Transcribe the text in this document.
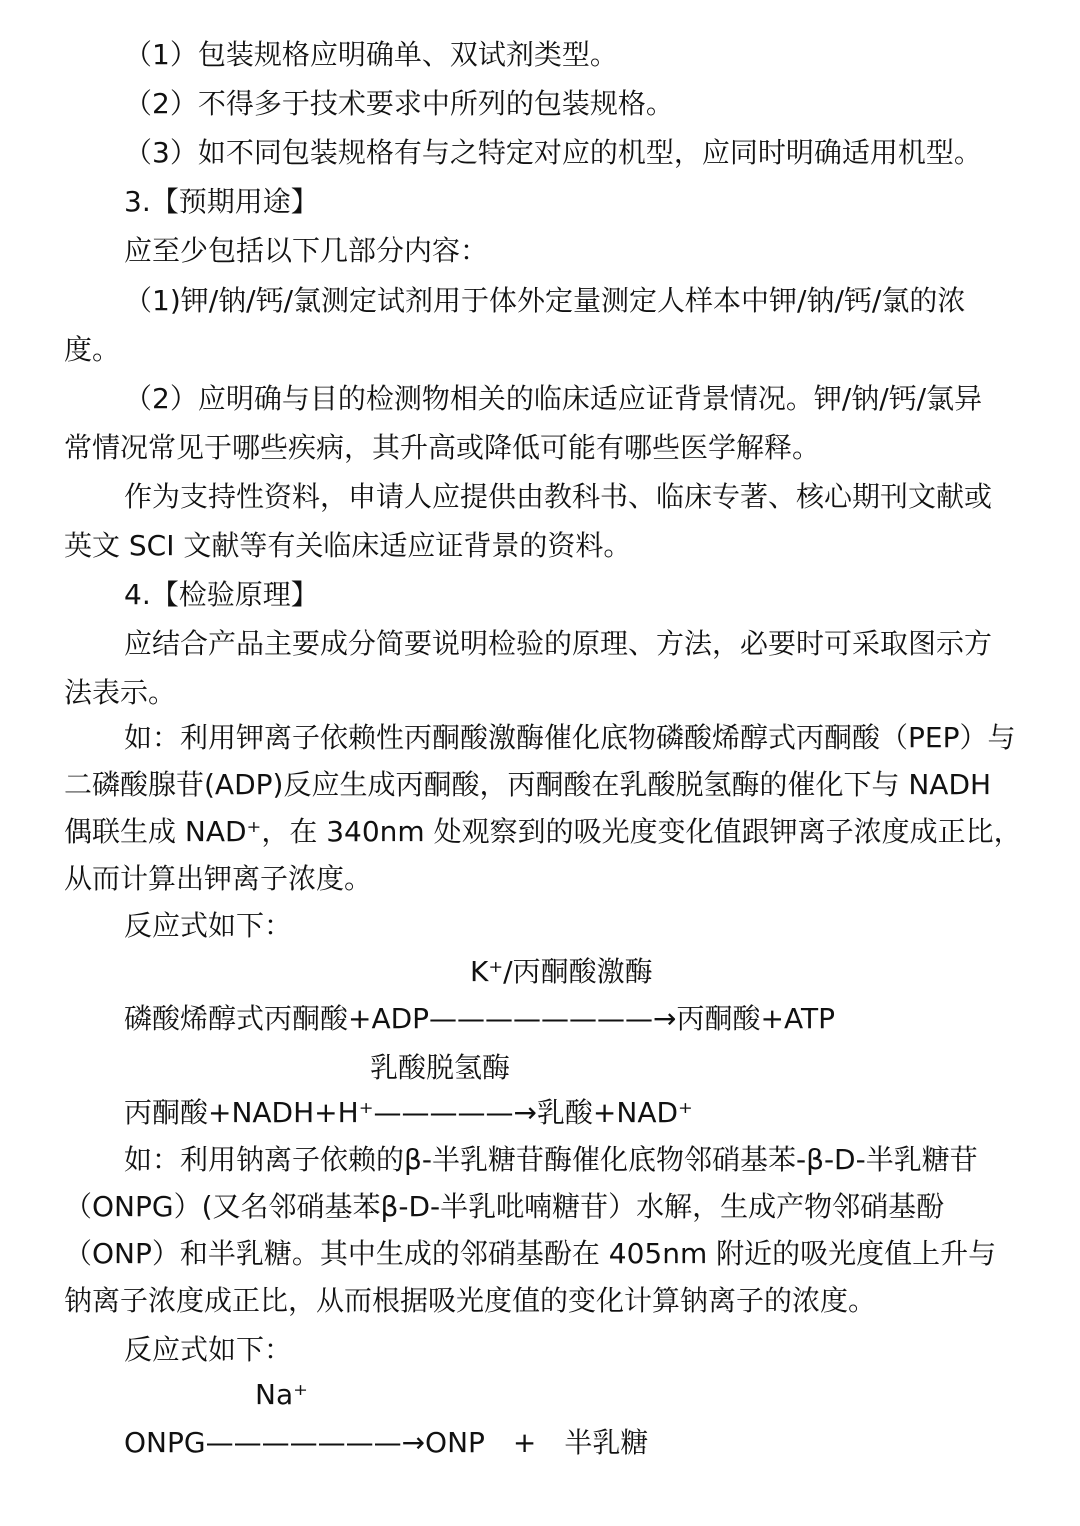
（1）包装规格应明确单、双试剂类型。
（2）不得多于技术要求中所列的包装规格。
（3）如不同包装规格有与之特定对应的机型，应同时明确适用机型。
3.【预期用途】
应至少包括以下几部分内容：
（1)钾/钠/钙/氯测定试剂用于体外定量测定人样本中钾/钠/钙/氯的浓
度。
（2）应明确与目的检测物相关的临床适应证背景情况。钾/钠/钙/氯异
常情况常见于哪些疾病，其升高或降低可能有哪些医学解释。
作为支持性资料，申请人应提供由教科书、临床专著、核心期刊文献或
英文 SCI 文献等有关临床适应证背景的资料。
4.【检验原理】
应结合产品主要成分简要说明检验的原理、方法，必要时可采取图示方
法表示。
如：利用钾离子依赖性丙酮酸激酶催化底物磷酸烯醇式丙酮酸（PEP）与
二磷酸腺苷(ADP)反应生成丙酮酸，丙酮酸在乳酸脱氢酶的催化下与 NADH
偶联生成 NAD⁺，在 340nm 处观察到的吸光度变化值跟钾离子浓度成正比，
从而计算出钾离子浓度。
反应式如下：
K⁺/丙酮酸激酶
磷酸烯醇式丙酮酸+ADP————————→丙酮酸+ATP
乳酸脱氢酶
丙酮酸+NADH+H⁺—————→乳酸+NAD⁺
如：利用钠离子依赖的β-半乳糖苷酶催化底物邻硝基苯-β-D-半乳糖苷
（ONPG）(又名邻硝基苯β-D-半乳吡喃糖苷）水解，生成产物邻硝基酚
（ONP）和半乳糖。其中生成的邻硝基酚在 405nm 附近的吸光度值上升与
钠离子浓度成正比，从而根据吸光度值的变化计算钠离子的浓度。
反应式如下：
Na⁺
ONPG———————→ONP　+　半乳糖
